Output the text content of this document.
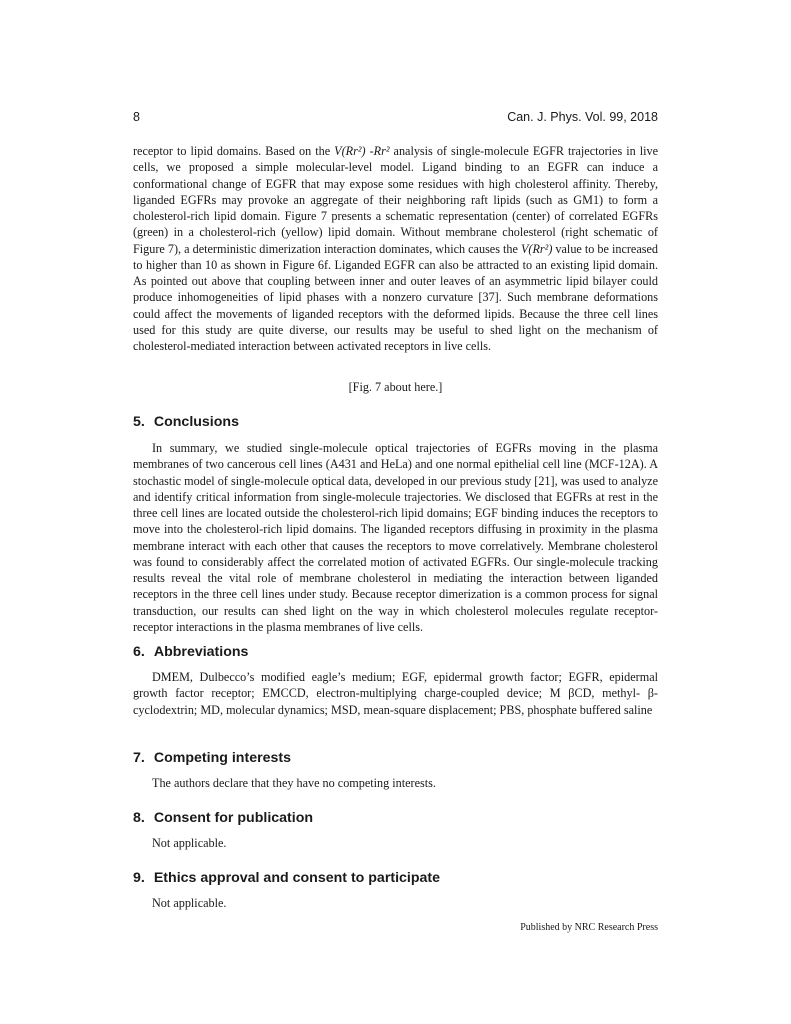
8	Can. J. Phys. Vol. 99, 2018

receptor to lipid domains. Based on the V(Rr²) -Rr² analysis of single-molecule EGFR trajectories in live cells, we proposed a simple molecular-level model. Ligand binding to an EGFR can induce a conformational change of EGFR that may expose some residues with high cholesterol affinity. Thereby, liganded EGFRs may provoke an aggregate of their neighboring raft lipids (such as GM1) to form a cholesterol-rich lipid domain. Figure 7 presents a schematic representation (center) of correlated EGFRs (green) in a cholesterol-rich (yellow) lipid domain. Without membrane cholesterol (right schematic of Figure 7), a deterministic dimerization interaction dominates, which causes the V(Rr²) value to be increased to higher than 10 as shown in Figure 6f. Liganded EGFR can also be attracted to an existing lipid domain. As pointed out above that coupling between inner and outer leaves of an asymmetric lipid bilayer could produce inhomogeneities of lipid phases with a nonzero curvature [37]. Such membrane deformations could affect the movements of liganded receptors with the deformed lipids. Because the three cell lines used for this study are quite diverse, our results may be useful to shed light on the mechanism of cholesterol-mediated interaction between activated receptors in live cells.

[Fig. 7 about here.]
5. Conclusions

In summary, we studied single-molecule optical trajectories of EGFRs moving in the plasma membranes of two cancerous cell lines (A431 and HeLa) and one normal epithelial cell line (MCF-12A). A stochastic model of single-molecule optical data, developed in our previous study [21], was used to analyze and identify critical information from single-molecule trajectories. We disclosed that EGFRs at rest in the three cell lines are located outside the cholesterol-rich lipid domains; EGF binding induces the receptors to move into the cholesterol-rich lipid domains. The liganded receptors diffusing in proximity in the plasma membrane interact with each other that causes the receptors to move correlatively. Membrane cholesterol was found to considerably affect the correlated motion of activated EGFRs. Our single-molecule tracking results reveal the vital role of membrane cholesterol in mediating the interaction between liganded receptors in the three cell lines under study. Because receptor dimerization is a common process for signal transduction, our results can shed light on the way in which cholesterol molecules regulate receptor-receptor interactions in the plasma membranes of live cells.

6. Abbreviations

DMEM, Dulbecco’s modified eagle’s medium; EGF, epidermal growth factor; EGFR, epidermal growth factor receptor; EMCCD, electron-multiplying charge-coupled device; M βCD, methyl- β-cyclodextrin; MD, molecular dynamics; MSD, mean-square displacement; PBS, phosphate buffered saline

7. Competing interests

The authors declare that they have no competing interests.

8. Consent for publication

Not applicable.

9. Ethics approval and consent to participate

Not applicable.

Published by NRC Research Press
